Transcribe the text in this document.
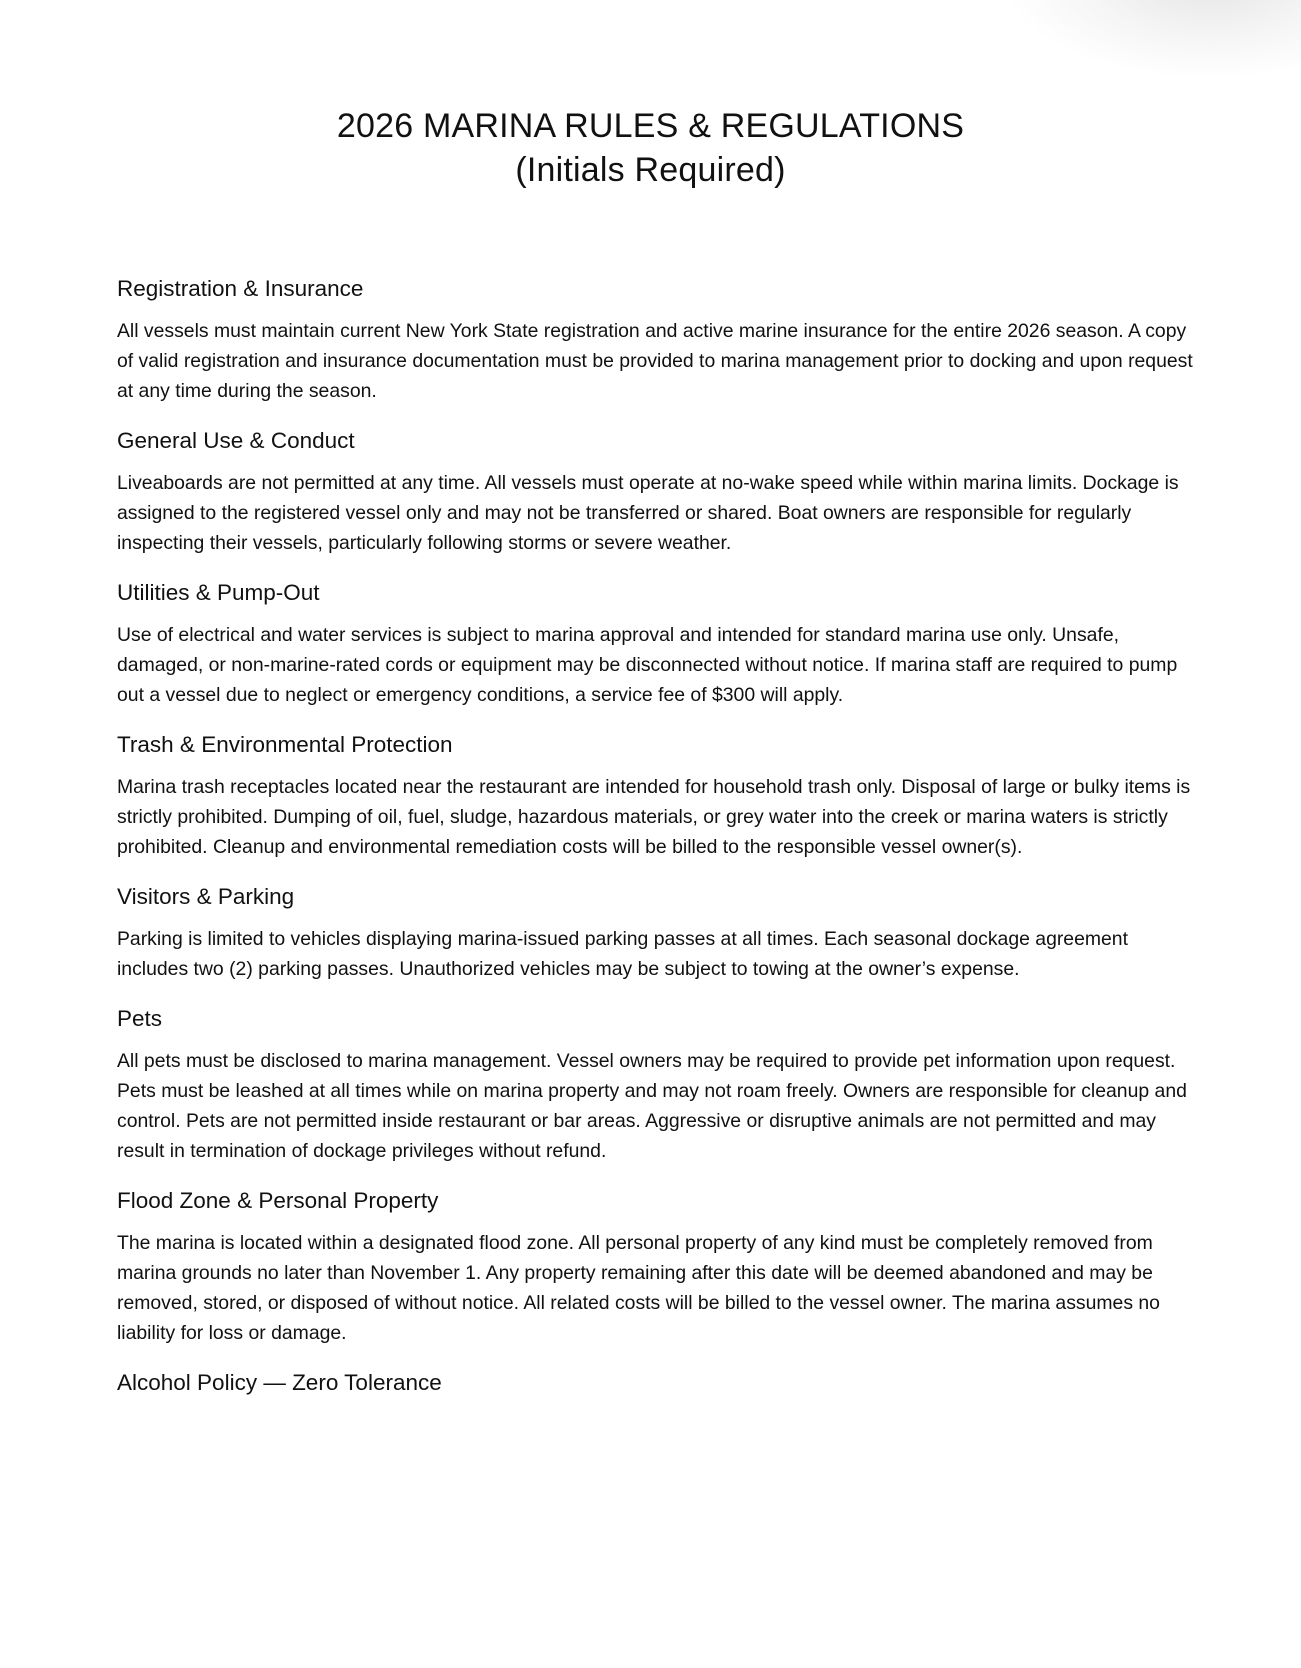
2026 MARINA RULES & REGULATIONS
(Initials Required)
Registration & Insurance

All vessels must maintain current New York State registration and active marine insurance for the entire 2026 season. A copy of valid registration and insurance documentation must be provided to marina management prior to docking and upon request at any time during the season.

General Use & Conduct

Liveaboards are not permitted at any time. All vessels must operate at no-wake speed while within marina limits. Dockage is assigned to the registered vessel only and may not be transferred or shared. Boat owners are responsible for regularly inspecting their vessels, particularly following storms or severe weather.

Utilities & Pump-Out

Use of electrical and water services is subject to marina approval and intended for standard marina use only. Unsafe, damaged, or non-marine-rated cords or equipment may be disconnected without notice. If marina staff are required to pump out a vessel due to neglect or emergency conditions, a service fee of $300 will apply.

Trash & Environmental Protection

Marina trash receptacles located near the restaurant are intended for household trash only. Disposal of large or bulky items is strictly prohibited. Dumping of oil, fuel, sludge, hazardous materials, or grey water into the creek or marina waters is strictly prohibited. Cleanup and environmental remediation costs will be billed to the responsible vessel owner(s).

Visitors & Parking

Parking is limited to vehicles displaying marina-issued parking passes at all times. Each seasonal dockage agreement includes two (2) parking passes. Unauthorized vehicles may be subject to towing at the owner’s expense.

Pets

All pets must be disclosed to marina management. Vessel owners may be required to provide pet information upon request. Pets must be leashed at all times while on marina property and may not roam freely. Owners are responsible for cleanup and control. Pets are not permitted inside restaurant or bar areas. Aggressive or disruptive animals are not permitted and may result in termination of dockage privileges without refund.

Flood Zone & Personal Property

The marina is located within a designated flood zone. All personal property of any kind must be completely removed from marina grounds no later than November 1. Any property remaining after this date will be deemed abandoned and may be removed, stored, or disposed of without notice. All related costs will be billed to the vessel owner. The marina assumes no liability for loss or damage.

Alcohol Policy — Zero Tolerance
